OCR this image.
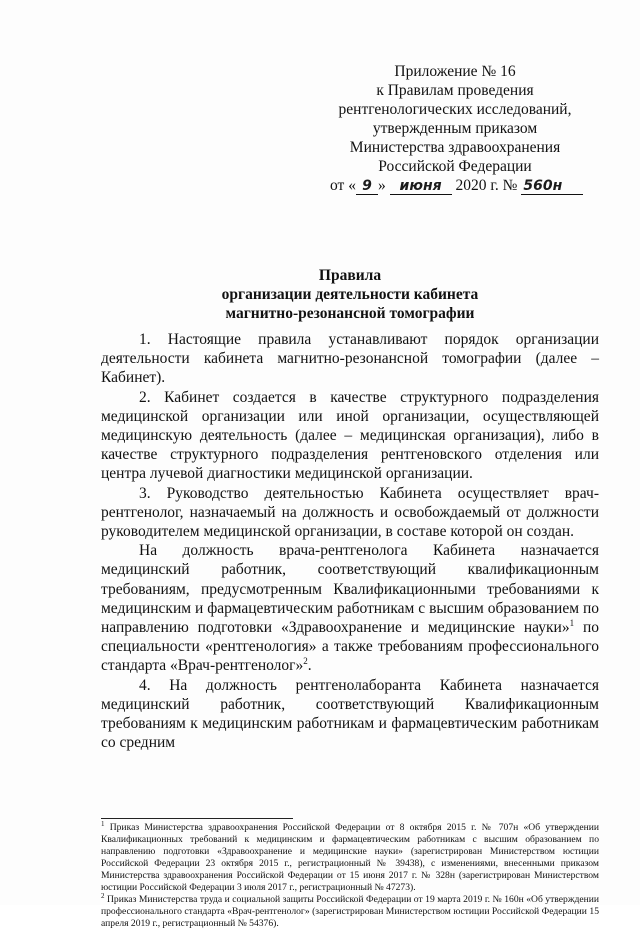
Приложение № 16
к Правилам проведения
рентгенологических исследований,
утвержденным приказом
Министерства здравоохранения
Российской Федерации
от « 9 » июня 2020 г. № 560н
Правила
организации деятельности кабинета
магнитно-резонансной томографии

1. Настоящие правила устанавливают порядок организации деятельности кабинета магнитно-резонансной томографии (далее – Кабинет).

2. Кабинет создается в качестве структурного подразделения медицинской организации или иной организации, осуществляющей медицинскую деятельность (далее – медицинская организация), либо в качестве структурного подразделения рентгеновского отделения или центра лучевой диагностики медицинской организации.

3. Руководство деятельностью Кабинета осуществляет врач-рентгенолог, назначаемый на должность и освобождаемый от должности руководителем медицинской организации, в составе которой он создан.

На должность врача-рентгенолога Кабинета назначается медицинский работник, соответствующий квалификационным требованиям, предусмотренным Квалификационными требованиями к медицинским и фармацевтическим работникам с высшим образованием по направлению подготовки «Здравоохранение и медицинские науки»$^1$ по специальности «рентгенология» а также требованиям профессионального стандарта «Врач-рентгенолог»$^2$.

4. На должность рентгенолаборанта Кабинета назначается медицинский работник, соответствующий Квалификационным требованиям к медицинским работникам и фармацевтическим работникам со средним

$^1$ Приказ Министерства здравоохранения Российской Федерации от 8 октября 2015 г. № 707н «Об утверждении Квалификационных требований к медицинским и фармацевтическим работникам с высшим образованием по направлению подготовки «Здравоохранение и медицинские науки» (зарегистрирован Министерством юстиции Российской Федерации 23 октября 2015 г., регистрационный № 39438), с изменениями, внесенными приказом Министерства здравоохранения Российской Федерации от 15 июня 2017 г. № 328н (зарегистрирован Министерством юстиции Российской Федерации 3 июля 2017 г., регистрационный № 47273).

$^2$ Приказ Министерства труда и социальной защиты Российской Федерации от 19 марта 2019 г. № 160н «Об утверждении профессионального стандарта «Врач-рентгенолог» (зарегистрирован Министерством юстиции Российской Федерации 15 апреля 2019 г., регистрационный № 54376).
